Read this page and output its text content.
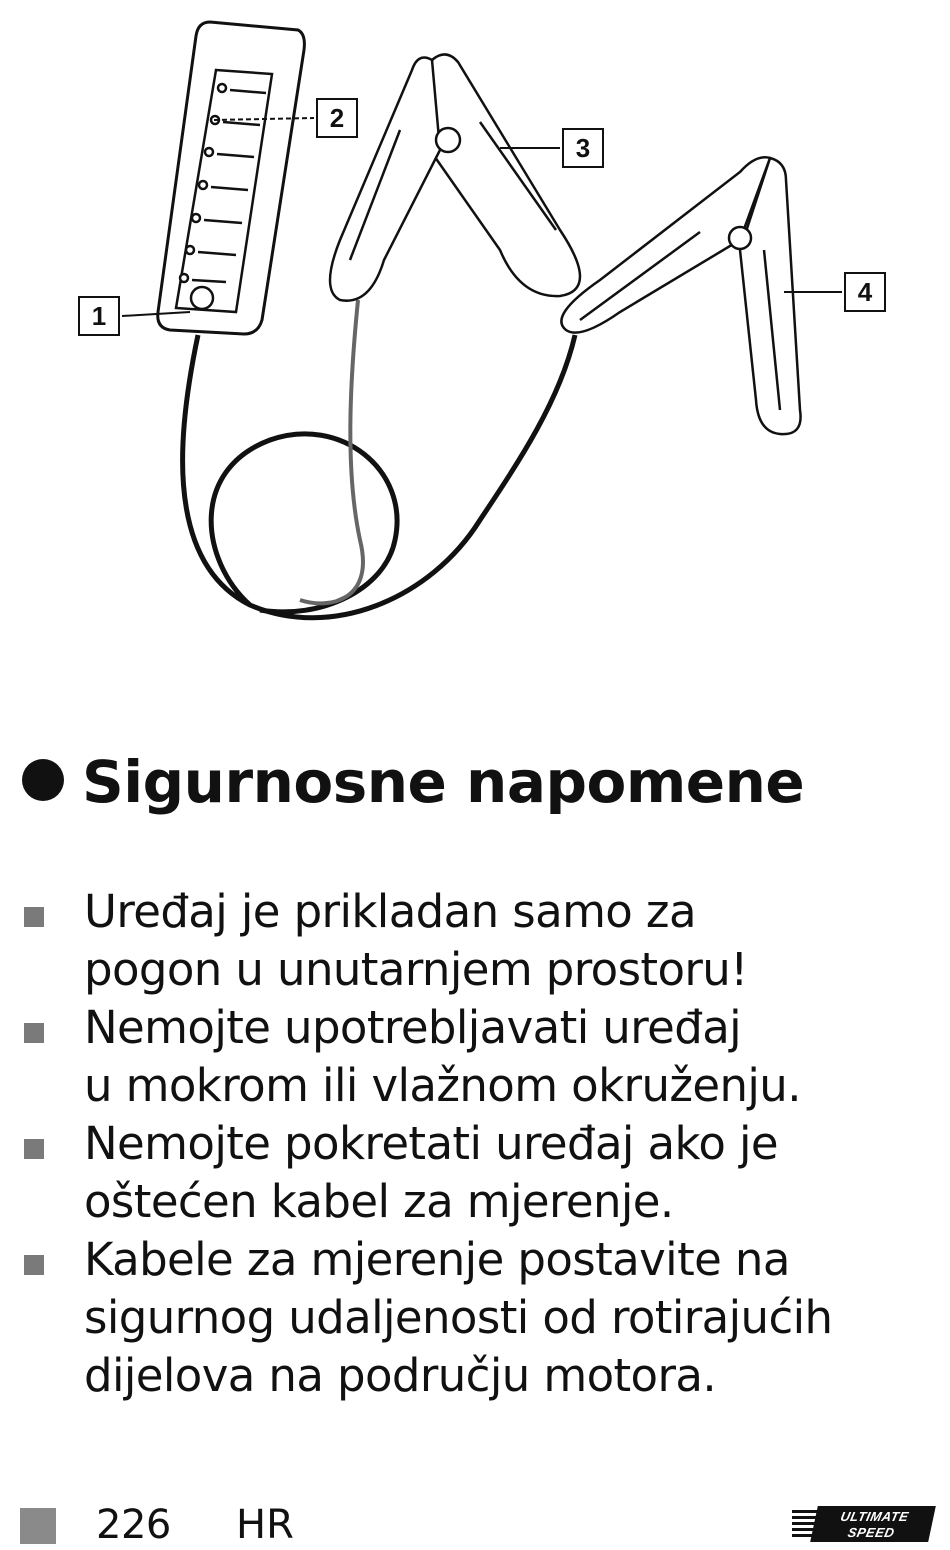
1
2
3
4
Sigurnosne napomene
Uređaj je prikladan samo za
pogon u unutarnjem prostoru!
Nemojte upotrebljavati uređaj
u mokrom ili vlažnom okruženju.
Nemojte pokretati uređaj ako je
oštećen kabel za mjerenje.
Kabele za mjerenje postavite na
sigurnog udaljenosti od rotirajućih
dijelova na području motora.
226 HR	ULTIMATE
SPEED
